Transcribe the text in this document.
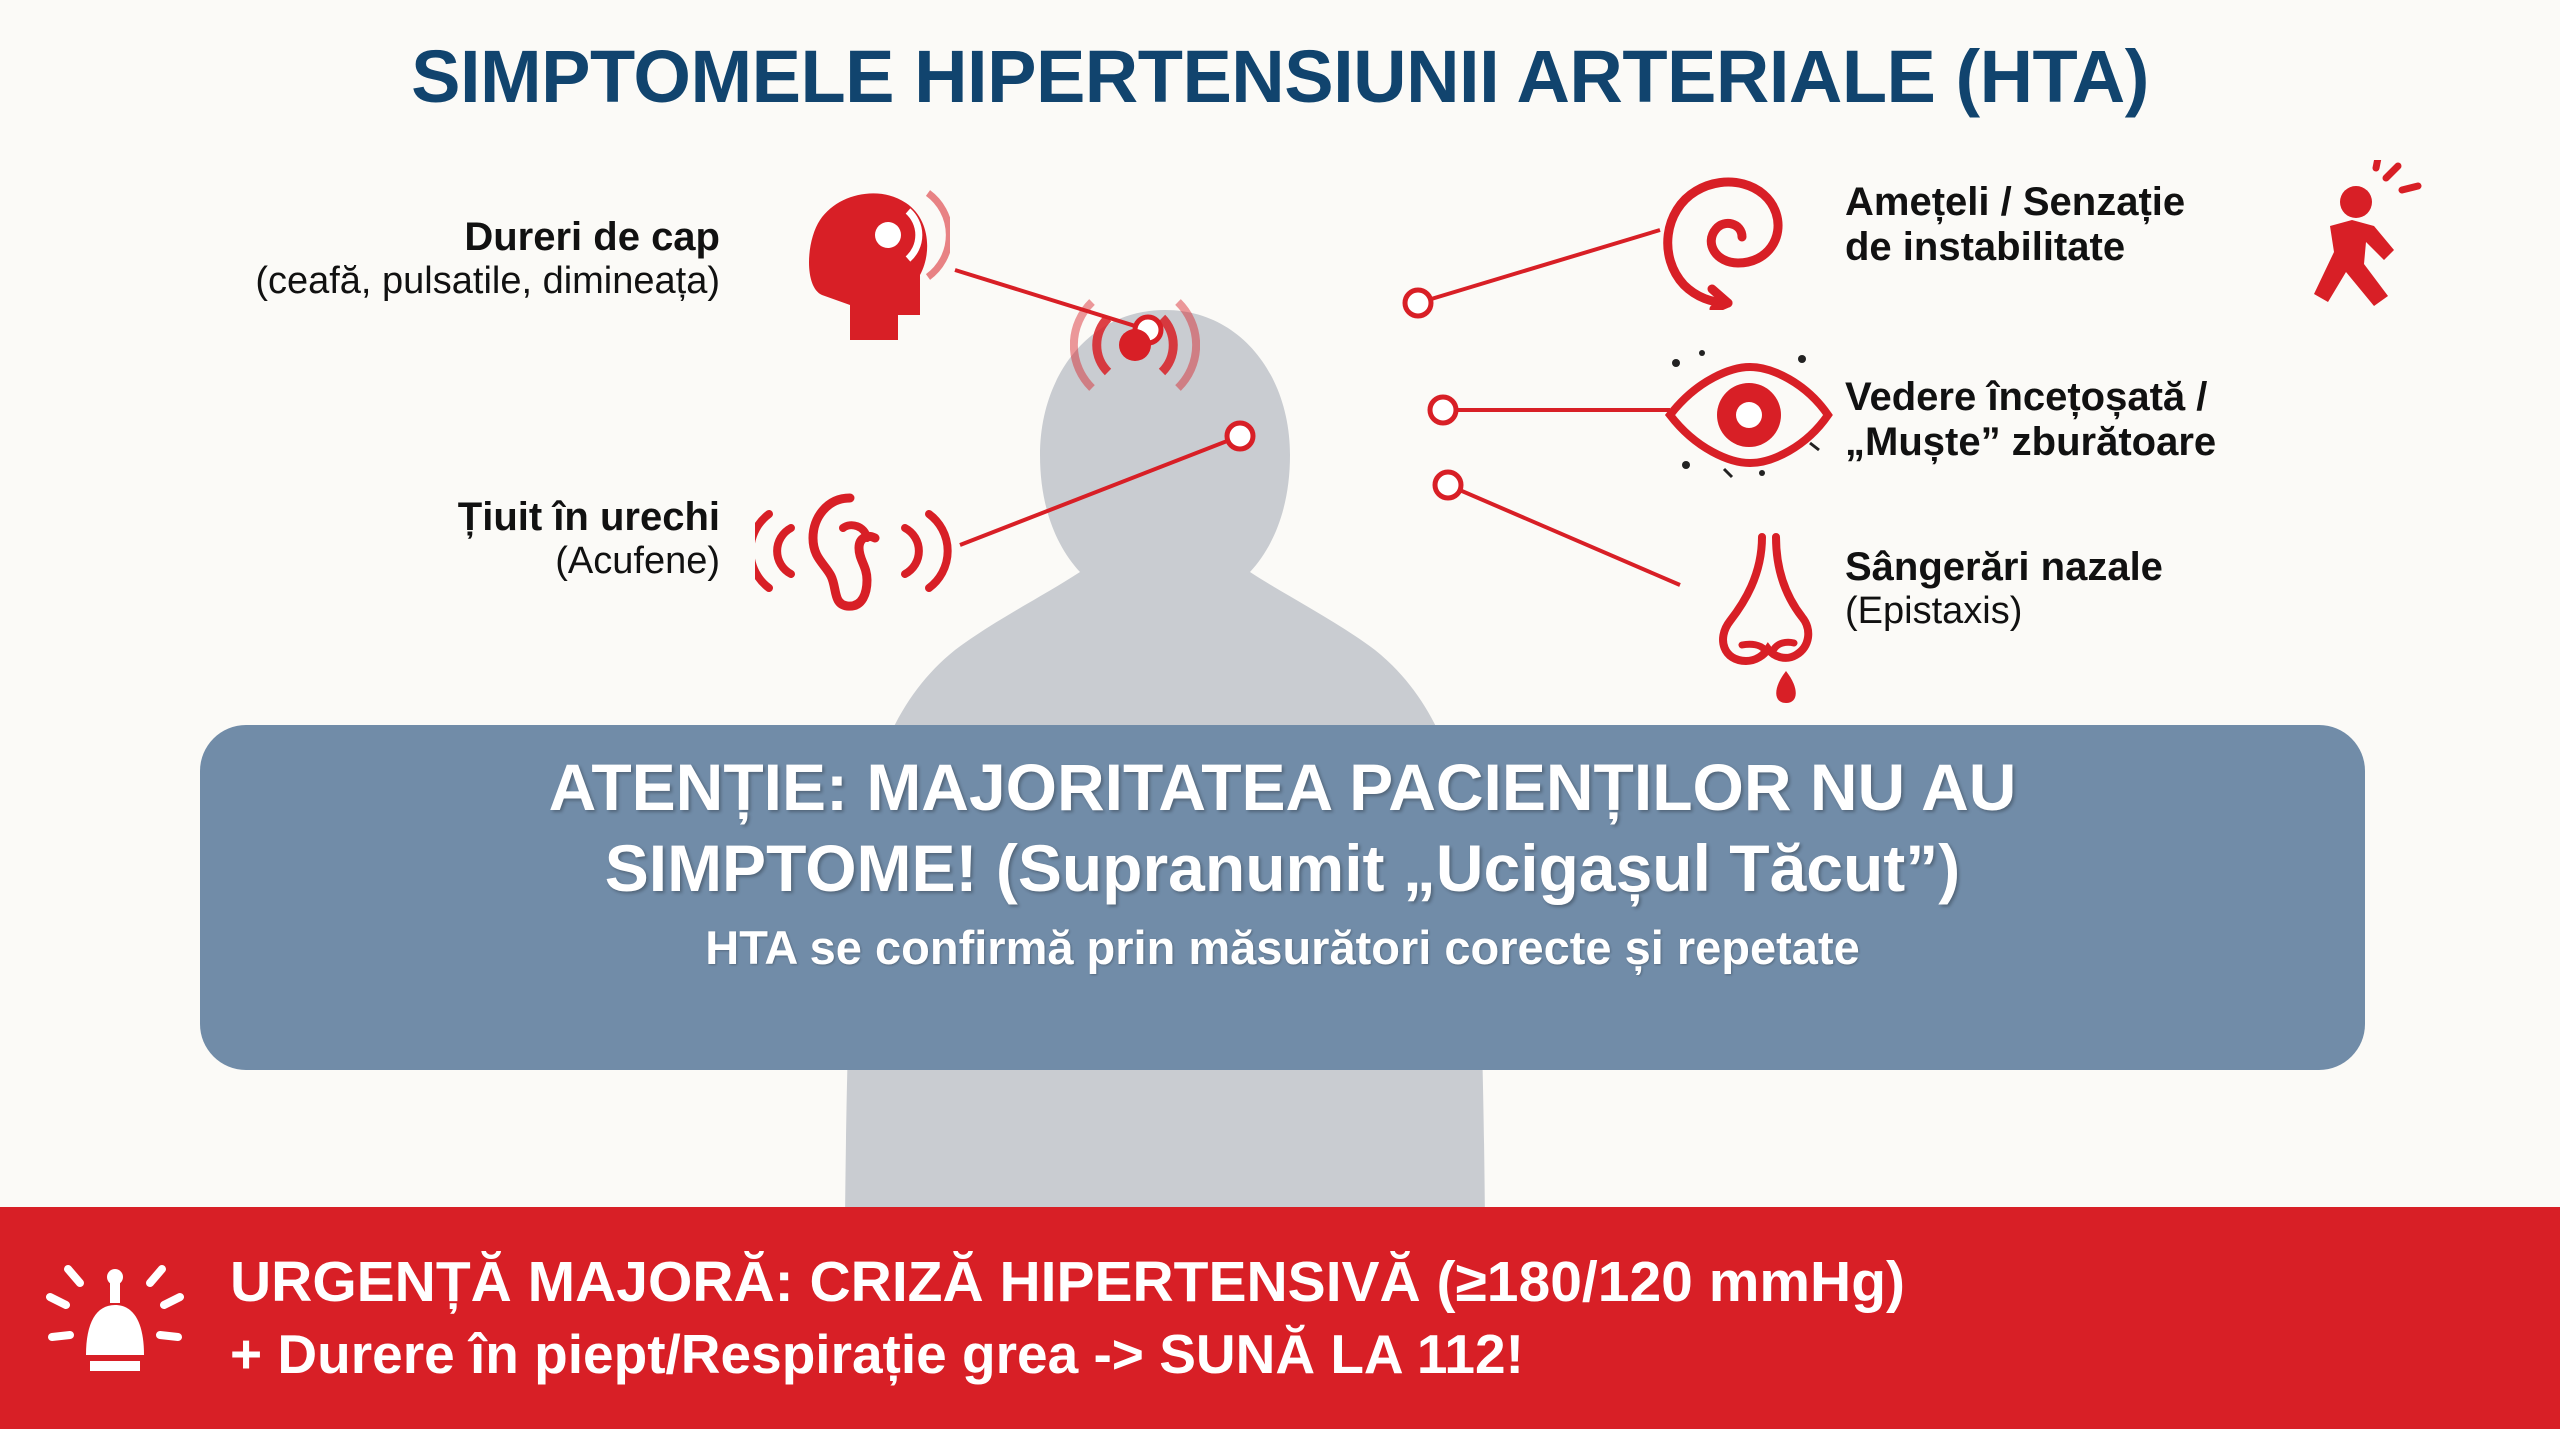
SIMPTOMELE HIPERTENSIUNII ARTERIALE (HTA)
Dureri de cap
(ceafă, pulsatile, dimineața)
Țiuit în urechi
(Acufene)
Amețeli / Senzație
de instabilitate
Vedere încețoșată /
„Muște” zburătoare
Sângerări nazale
(Epistaxis)
ATENȚIE: MAJORITATEA PACIENȚILOR NU AU
SIMPTOME! (Supranumit „Ucigașul Tăcut”)
HTA se confirmă prin măsurători corecte și repetate
URGENȚĂ MAJORĂ: CRIZĂ HIPERTENSIVĂ (≥180/120 mmHg)
+ Durere în piept/Respirație grea -> SUNĂ LA 112!
